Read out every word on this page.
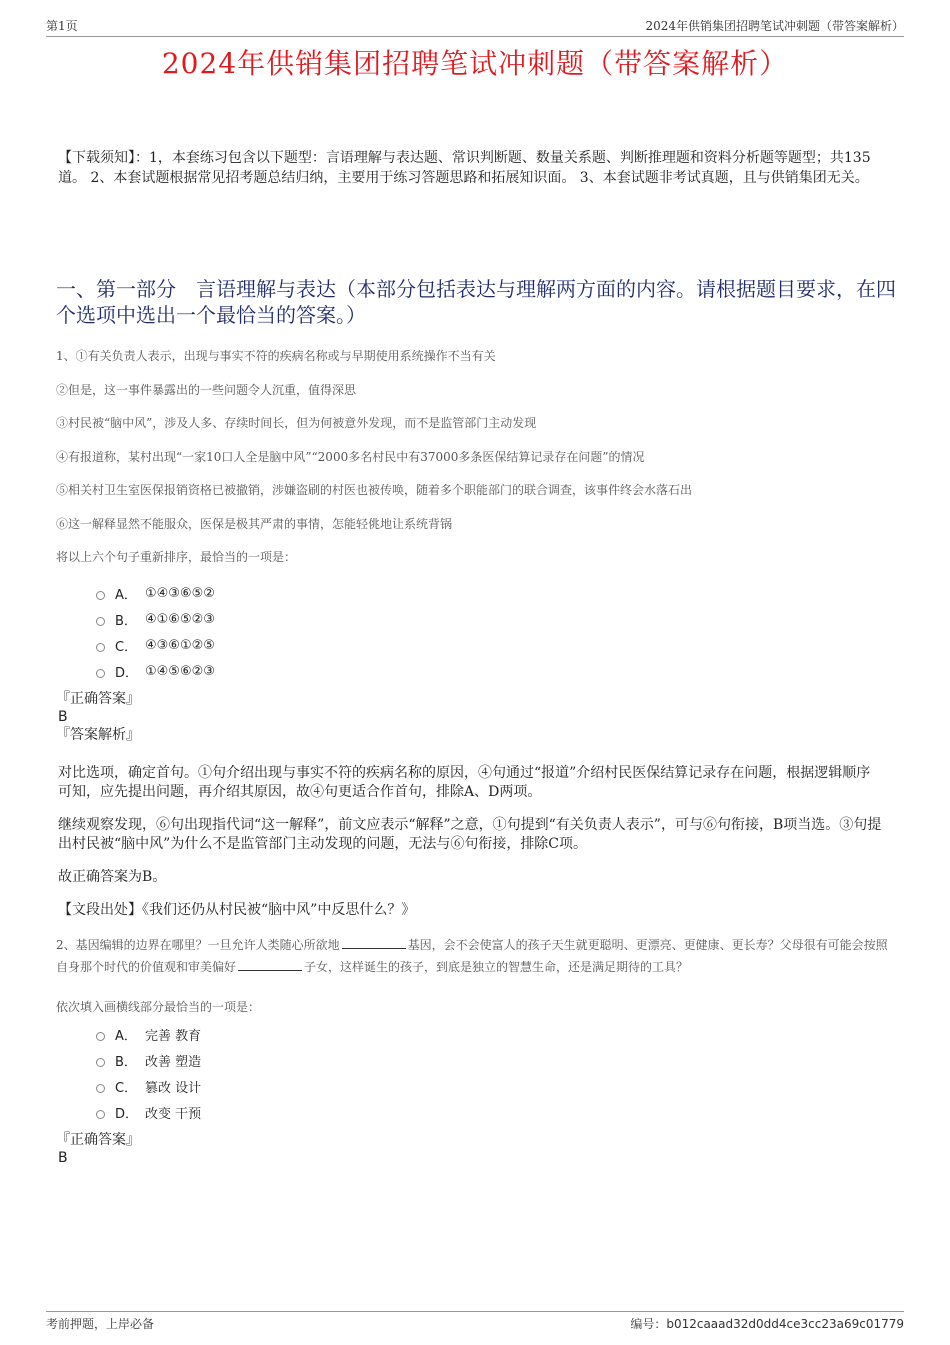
第1页	2024年供销集团招聘笔试冲刺题（带答案解析）
2024年供销集团招聘笔试冲刺题（带答案解析）
【下载须知】：1，本套练习包含以下题型：言语理解与表达题、常识判断题、数量关系题、判断推理题和资料分析题等题型；共135道。 2、本套试题根据常见招考题总结归纳，主要用于练习答题思路和拓展知识面。 3、本套试题非考试真题，且与供销集团无关。
一、第一部分　言语理解与表达（本部分包括表达与理解两方面的内容。请根据题目要求，在四个选项中选出一个最恰当的答案。）

1、①有关负责人表示，出现与事实不符的疾病名称或与早期使用系统操作不当有关

②但是，这一事件暴露出的一些问题令人沉重，值得深思

③村民被“脑中风”，涉及人多、存续时间长，但为何被意外发现，而不是监管部门主动发现

④有报道称，某村出现“一家10口人全是脑中风”“2000多名村民中有37000多条医保结算记录存在问题”的情况

⑤相关村卫生室医保报销资格已被撤销，涉嫌盗刷的村医也被传唤，随着多个职能部门的联合调查，该事件终会水落石出

⑥这一解释显然不能服众，医保是极其严肃的事情，怎能轻佻地让系统背锅

将以上六个句子重新排序，最恰当的一项是：

A． ①④③⑥⑤②
B． ④①⑥⑤②③
C． ④③⑥①②⑤
D． ①④⑤⑥②③

『正确答案』

B

『答案解析』

对比选项，确定首句。①句介绍出现与事实不符的疾病名称的原因，④句通过“报道”介绍村民医保结算记录存在问题，根据逻辑顺序可知，应先提出问题，再介绍其原因，故④句更适合作首句，排除A、D两项。

继续观察发现，⑥句出现指代词“这一解释”，前文应表示“解释”之意，①句提到“有关负责人表示”，可与⑥句衔接，B项当选。③句提出村民被“脑中风”为什么不是监管部门主动发现的问题，无法与⑥句衔接，排除C项。

故正确答案为B。

【文段出处】《我们还仍从村民被“脑中风”中反思什么？》

2、基因编辑的边界在哪里？一旦允许人类随心所欲地	基因，会不会使富人的孩子天生就更聪明、更漂亮、更健康、更长寿？父母很有可能会按照自身那个时代的价值观和审美偏好	子女，这样诞生的孩子，到底是独立的智慧生命，还是满足期待的工具？

依次填入画横线部分最恰当的一项是：

A． 完善 教育
B． 改善 塑造
C． 篡改 设计
D． 改变 干预

『正确答案』

B

考前押题，上岸必备	编号：b012caaad32d0dd4ce3cc23a69c01779
